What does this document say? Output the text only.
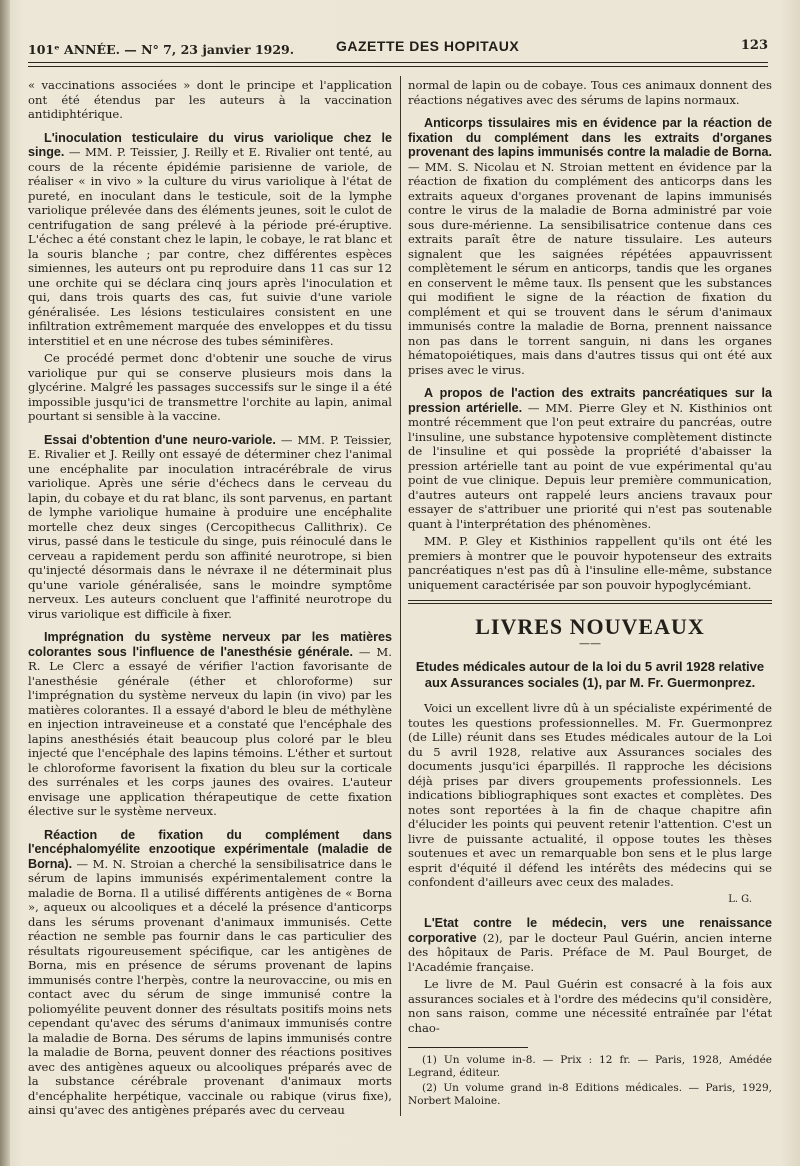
101ᵉ ANNÉE. — N° 7, 23 janvier 1929.	GAZETTE DES HOPITAUX	123

« vaccinations associées » dont le principe et l'application ont été étendus par les auteurs à la vaccination antidiphtérique.

L'inoculation testiculaire du virus variolique chez le singe. — MM. P. Teissier, J. Reilly et E. Rivalier ont tenté, au cours de la récente épidémie parisienne de variole, de réaliser « in vivo » la culture du virus variolique à l'état de pureté, en inoculant dans le testicule, soit de la lymphe variolique prélevée dans des éléments jeunes, soit le culot de centrifugation de sang prélevé à la période pré-éruptive. L'échec a été constant chez le lapin, le cobaye, le rat blanc et la souris blanche ; par contre, chez différentes espèces simiennes, les auteurs ont pu reproduire dans 11 cas sur 12 une orchite qui se déclara cinq jours après l'inoculation et qui, dans trois quarts des cas, fut suivie d'une variole généralisée. Les lésions testiculaires consistent en une infiltration extrêmement marquée des enveloppes et du tissu interstitiel et en une nécrose des tubes séminifères.

Ce procédé permet donc d'obtenir une souche de virus variolique pur qui se conserve plusieurs mois dans la glycérine. Malgré les passages successifs sur le singe il a été impossible jusqu'ici de transmettre l'orchite au lapin, animal pourtant si sensible à la vaccine.

Essai d'obtention d'une neuro-variole. — MM. P. Teissier, E. Rivalier et J. Reilly ont essayé de déterminer chez l'animal une encéphalite par inoculation intracérébrale de virus variolique. Après une série d'échecs dans le cerveau du lapin, du cobaye et du rat blanc, ils sont parvenus, en partant de lymphe variolique humaine à produire une encéphalite mortelle chez deux singes (Cercopithecus Callithrix). Ce virus, passé dans le testicule du singe, puis réinoculé dans le cerveau a rapidement perdu son affinité neurotrope, si bien qu'injecté désormais dans le névraxe il ne déterminait plus qu'une variole généralisée, sans le moindre symptôme nerveux. Les auteurs concluent que l'affinité neurotrope du virus variolique est difficile à fixer.

Imprégnation du système nerveux par les matières colorantes sous l'influence de l'anesthésie générale. — M. R. Le Clerc a essayé de vérifier l'action favorisante de l'anesthésie générale (éther et chloroforme) sur l'imprégnation du système nerveux du lapin (in vivo) par les matières colorantes. Il a essayé d'abord le bleu de méthylène en injection intraveineuse et a constaté que l'encéphale des lapins anesthésiés était beaucoup plus coloré par le bleu injecté que l'encéphale des lapins témoins. L'éther et surtout le chloroforme favorisent la fixation du bleu sur la corticale des surrénales et les corps jaunes des ovaires. L'auteur envisage une application thérapeutique de cette fixation élective sur le système nerveux.

Réaction de fixation du complément dans l'encéphalomyélite enzootique expérimentale (maladie de Borna). — M. N. Stroian a cherché la sensibilisatrice dans le sérum de lapins immunisés expérimentalement contre la maladie de Borna. Il a utilisé différents antigènes de « Borna », aqueux ou alcooliques et a décelé la présence d'anticorps dans les sérums provenant d'animaux immunisés. Cette réaction ne semble pas fournir dans le cas particulier des résultats rigoureusement spécifique, car les antigènes de Borna, mis en présence de sérums provenant de lapins immunisés contre l'herpès, contre la neurovaccine, ou mis en contact avec du sérum de singe immunisé contre la poliomyélite peuvent donner des résultats positifs moins nets cependant qu'avec des sérums d'animaux immunisés contre la maladie de Borna. Des sérums de lapins immunisés contre la maladie de Borna, peuvent donner des réactions positives avec des antigènes aqueux ou alcooliques préparés avec de la substance cérébrale provenant d'animaux morts d'encéphalite herpétique, vaccinale ou rabique (virus fixe), ainsi qu'avec des antigènes préparés avec du cerveau

normal de lapin ou de cobaye. Tous ces animaux donnent des réactions négatives avec des sérums de lapins normaux.

Anticorps tissulaires mis en évidence par la réaction de fixation du complément dans les extraits d'organes provenant des lapins immunisés contre la maladie de Borna. — MM. S. Nicolau et N. Stroian mettent en évidence par la réaction de fixation du complément des anticorps dans les extraits aqueux d'organes provenant de lapins immunisés contre le virus de la maladie de Borna administré par voie sous dure-mérienne. La sensibilisatrice contenue dans ces extraits paraît être de nature tissulaire. Les auteurs signalent que les saignées répétées appauvrissent complètement le sérum en anticorps, tandis que les organes en conservent le même taux. Ils pensent que les substances qui modifient le signe de la réaction de fixation du complément et qui se trouvent dans le sérum d'animaux immunisés contre la maladie de Borna, prennent naissance non pas dans le torrent sanguin, ni dans les organes hématopoiétiques, mais dans d'autres tissus qui ont été aux prises avec le virus.

A propos de l'action des extraits pancréatiques sur la pression artérielle. — MM. Pierre Gley et N. Kisthinios ont montré récemment que l'on peut extraire du pancréas, outre l'insuline, une substance hypotensive complètement distincte de l'insuline et qui possède la propriété d'abaisser la pression artérielle tant au point de vue expérimental qu'au point de vue clinique. Depuis leur première communication, d'autres auteurs ont rappelé leurs anciens travaux pour essayer de s'attribuer une priorité qui n'est pas soutenable quant à l'interprétation des phénomènes.

MM. P. Gley et Kisthinios rappellent qu'ils ont été les premiers à montrer que le pouvoir hypotenseur des extraits pancréatiques n'est pas dû à l'insuline elle-même, substance uniquement caractérisée par son pouvoir hypoglycémiant.

LIVRES NOUVEAUX
——
Etudes médicales autour de la loi du 5 avril 1928 relative aux Assurances sociales (1), par M. Fr. Guermonprez.

Voici un excellent livre dû à un spécialiste expérimenté de toutes les questions professionnelles. M. Fr. Guermonprez (de Lille) réunit dans ses Etudes médicales autour de la Loi du 5 avril 1928, relative aux Assurances sociales des documents jusqu'ici éparpillés. Il rapproche les décisions déjà prises par divers groupements professionnels. Les indications bibliographiques sont exactes et complètes. Des notes sont reportées à la fin de chaque chapitre afin d'élucider les points qui peuvent retenir l'attention. C'est un livre de puissante actualité, il oppose toutes les thèses soutenues et avec un remarquable bon sens et le plus large esprit d'équité il défend les intérêts des médecins qui se confondent d'ailleurs avec ceux des malades.

L. G.

L'Etat contre le médecin, vers une renaissance corporative (2), par le docteur Paul Guérin, ancien interne des hôpitaux de Paris. Préface de M. Paul Bourget, de l'Académie française.

Le livre de M. Paul Guérin est consacré à la fois aux assurances sociales et à l'ordre des médecins qu'il considère, non sans raison, comme une nécessité entraînée par l'état chao-

(1) Un volume in-8. — Prix : 12 fr. — Paris, 1928, Amédée Legrand, éditeur.

(2) Un volume grand in-8 Editions médicales. — Paris, 1929, Norbert Maloine.
